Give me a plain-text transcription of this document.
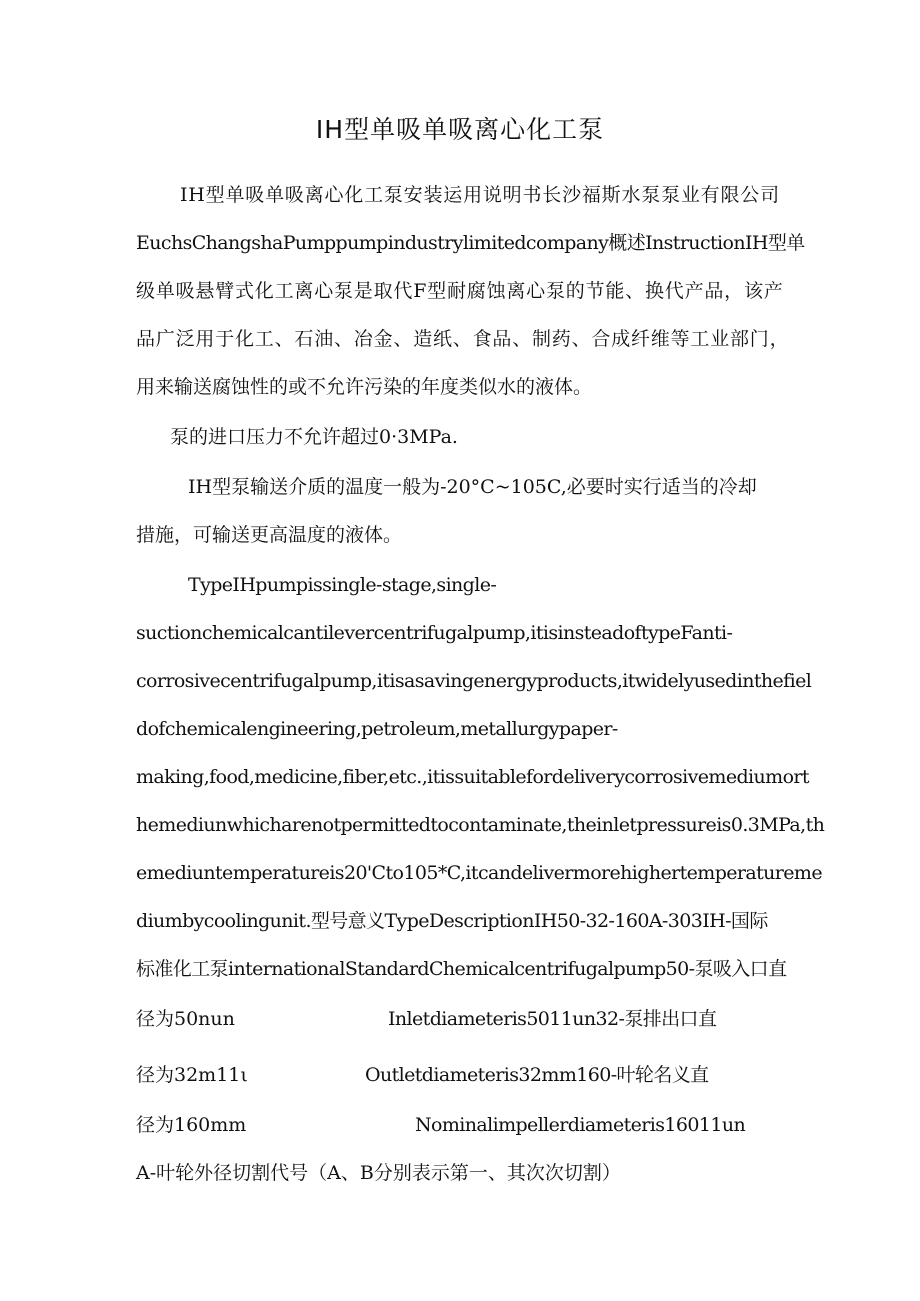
IH型单吸单吸离心化工泵
IH型单吸单吸离心化工泵安装运用说明书长沙福斯水泵泵业有限公司
EuchsChangshaPumppumpindustrylimitedcompany概述InstructionIH型单
级单吸悬臂式化工离心泵是取代F型耐腐蚀离心泵的节能、换代产品，该产
品广泛用于化工、石油、冶金、造纸、食品、制药、合成纤维等工业部门，
用来输送腐蚀性的或不允许污染的年度类似水的液体。
泵的进口压力不允许超过0·3MPa.
IH型泵输送介质的温度一般为-20°C~105C,必要时实行适当的冷却
措施，可输送更高温度的液体。
TypeIHpumpissingle-stage,single-
suctionchemicalcantilevercentrifugalpump,itisinsteadoftypeFanti-
corrosivecentrifugalpump,itisasavingenergyproducts,itwidelyusedinthefiel
dofchemicalengineering,petroleum,metallurgypaper-
making,food,medicine,fiber,etc.,itissuitablefordeliverycorrosivemediumort
hemediunwhicharenotpermittedtocontaminate,theinletpressureis0.3MPa,th
emediuntemperatureis20'Cto105*C,itcandelivermorehighertemperatureme
diumbycoolingunit.型号意义TypeDescriptionIH50-32-160A-303IH-国际
标准化工泵internationalStandardChemicalcentrifugalpump50-泵吸入口直
径为50nun	Inletdiameteris5011un32-泵排出口直
径为32m11ι	Outletdiameteris32mm160-叶轮名义直
径为160mm	Nominalimpellerdiameteris16011un
A-叶轮外径切割代号（A、B分别表示第一、其次次切割）
